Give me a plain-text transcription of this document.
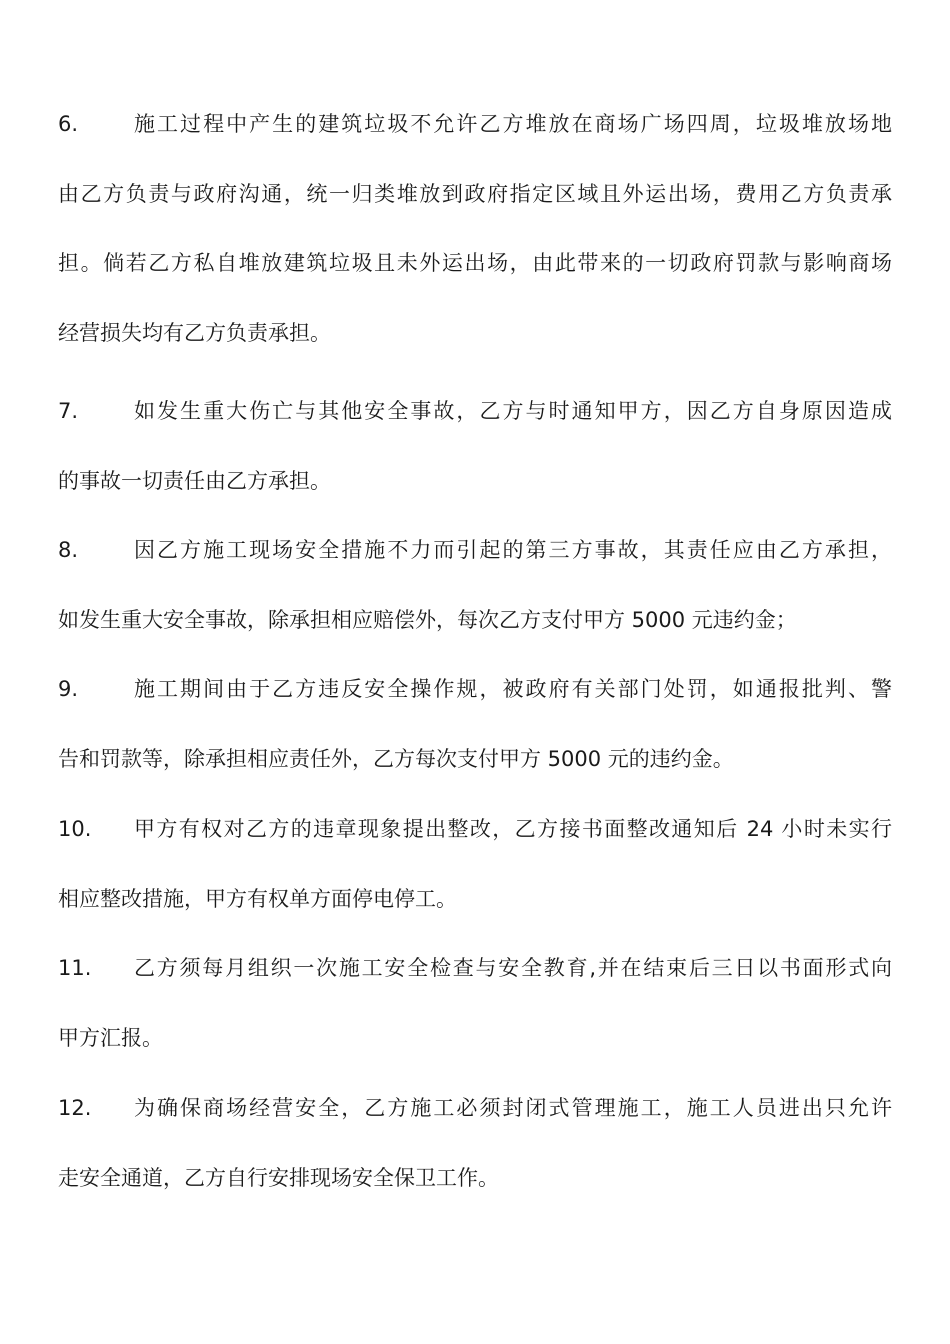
6.	施工过程中产生的建筑垃圾不允许乙方堆放在商场广场四周，垃圾堆放场地
由乙方负责与政府沟通，统一归类堆放到政府指定区域且外运出场，费用乙方负责承
担。倘若乙方私自堆放建筑垃圾且未外运出场，由此带来的一切政府罚款与影响商场
经营损失均有乙方负责承担。
7.	如发生重大伤亡与其他安全事故，乙方与时通知甲方，因乙方自身原因造成
的事故一切责任由乙方承担。
8.	因乙方施工现场安全措施不力而引起的第三方事故，其责任应由乙方承担，
如发生重大安全事故，除承担相应赔偿外，每次乙方支付甲方 5000 元违约金；
9.	施工期间由于乙方违反安全操作规，被政府有关部门处罚，如通报批判、警
告和罚款等，除承担相应责任外，乙方每次支付甲方 5000 元的违约金。
10. 甲方有权对乙方的违章现象提出整改，乙方接书面整改通知后 24 小时未实行
相应整改措施，甲方有权单方面停电停工。
11. 乙方须每月组织一次施工安全检查与安全教育,并在结束后三日以书面形式向
甲方汇报。
12. 为确保商场经营安全，乙方施工必须封闭式管理施工，施工人员进出只允许
走安全通道，乙方自行安排现场安全保卫工作。
